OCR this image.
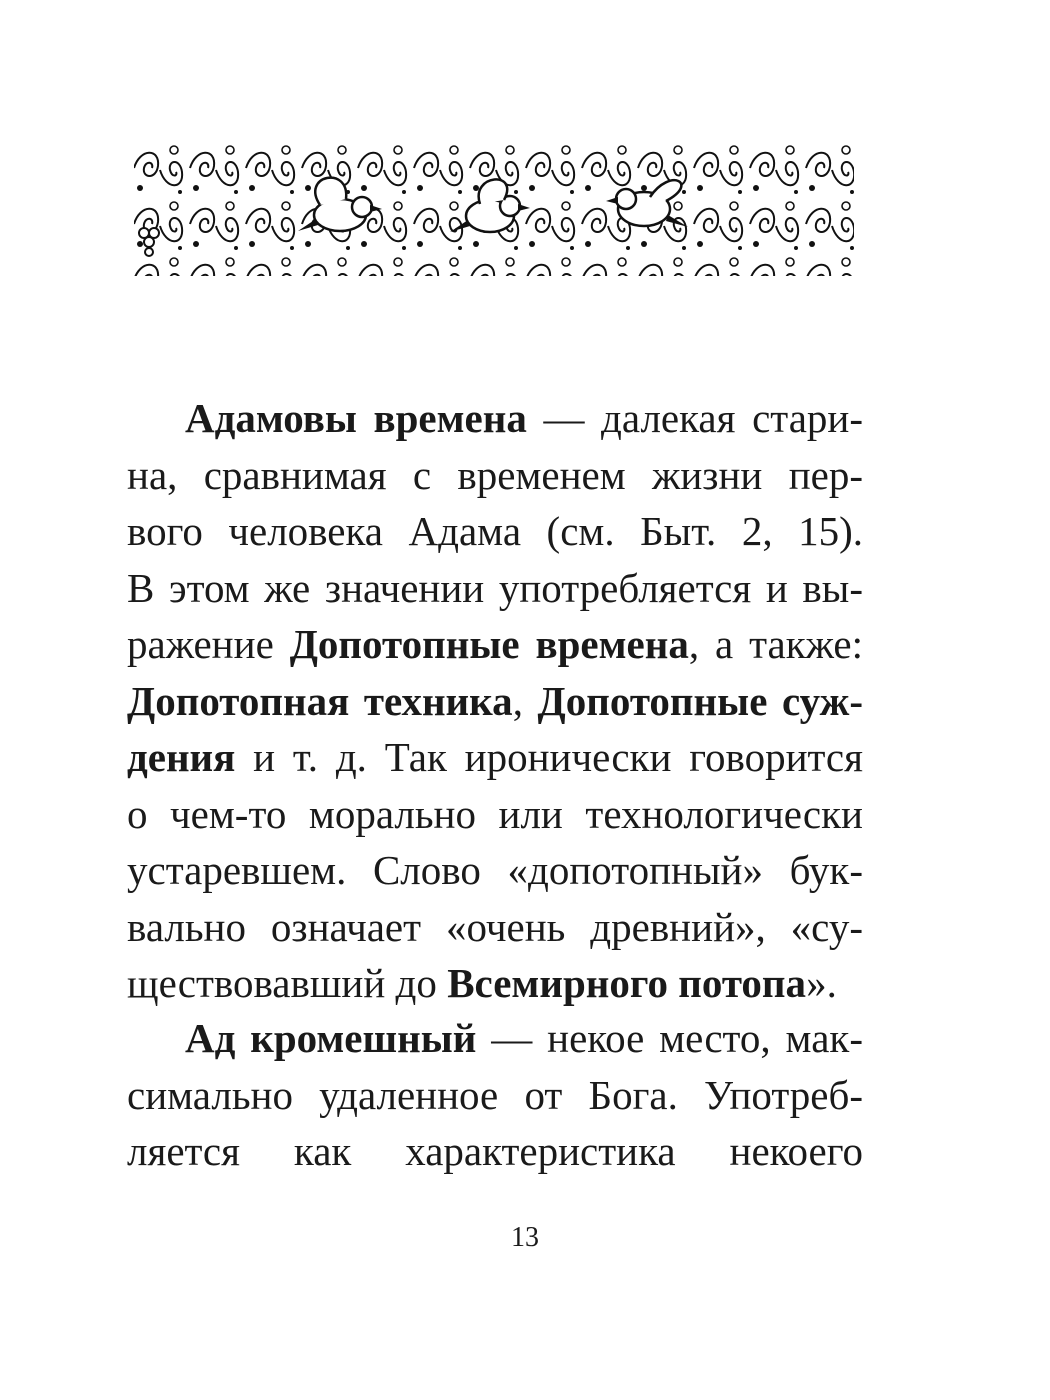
Адамовы времена — далекая стари-
на, сравнимая с временем жизни пер-
вого человека Адама (см. Быт. 2, 15).
В этом же значении употребляется и вы-
ражение Допотопные времена, а также:
Допотопная техника, Допотопные суж-
дения и т. д. Так иронически говорится
о чем-то морально или технологически
устаревшем. Слово «допотопный» бук-
вально означает «очень древний», «су-
ществовавший до Всемирного потопа».
Ад кромешный — некое место, мак-
симально удаленное от Бога. Употреб-
ляется как характеристика некоего
13
